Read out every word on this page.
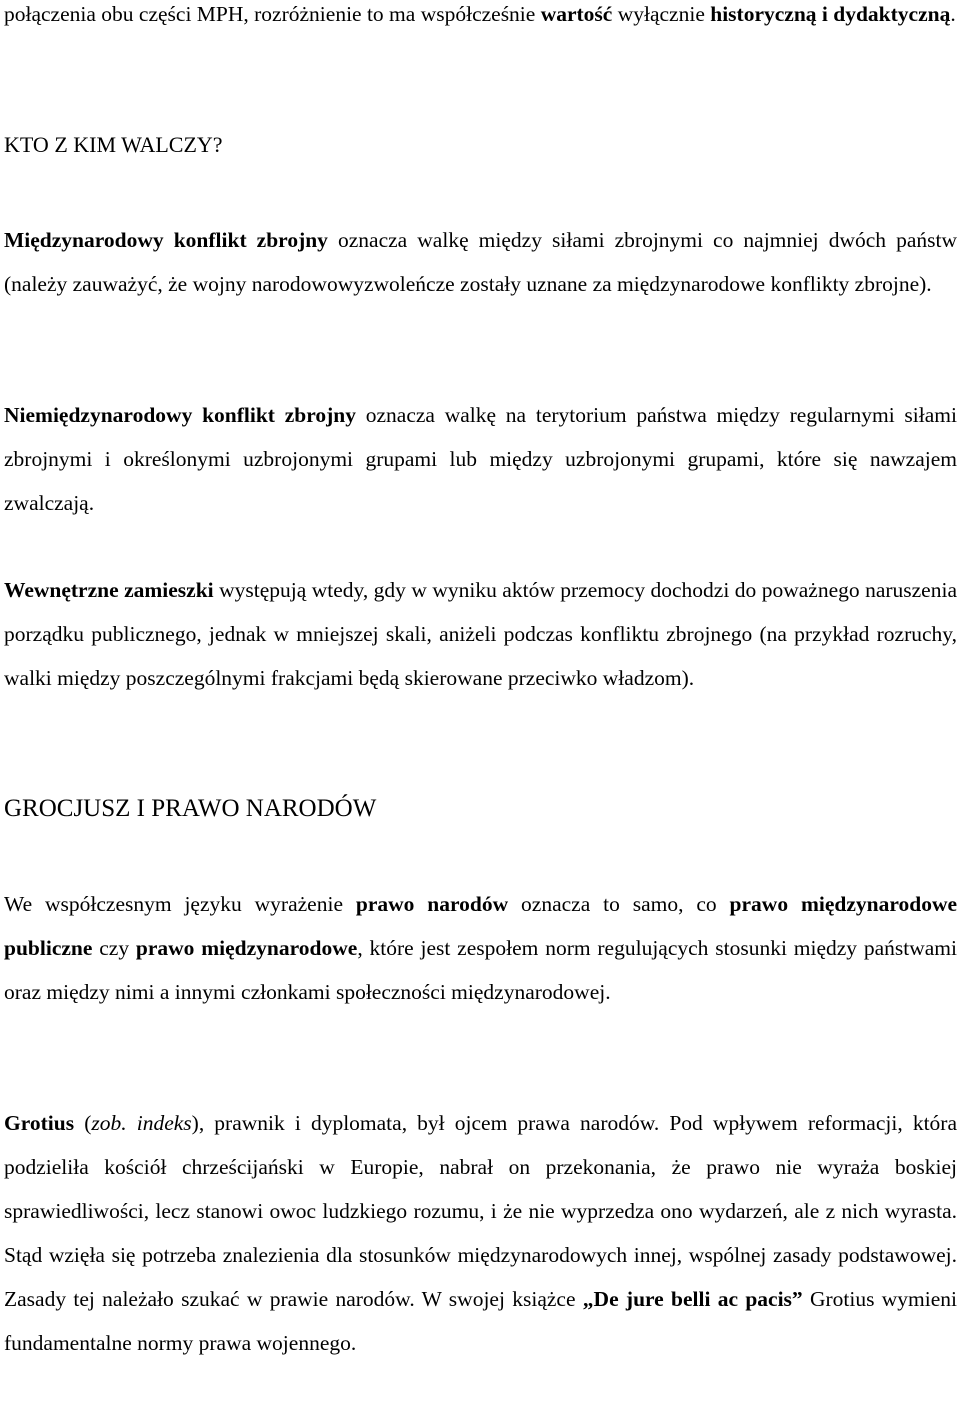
połączenia obu części MPH, rozróżnienie to ma współcześnie wartość wyłącznie historyczną i dydaktyczną.

KTO Z KIM WALCZY?

Międzynarodowy konflikt zbrojny oznacza walkę między siłami zbrojnymi co najmniej dwóch państw (należy zauważyć, że wojny narodowowyzwoleńcze zostały uznane za międzynarodowe konflikty zbrojne).

Niemiędzynarodowy konflikt zbrojny oznacza walkę na terytorium państwa między regularnymi siłami zbrojnymi i określonymi uzbrojonymi grupami lub między uzbrojonymi grupami, które się nawzajem zwalczają.

Wewnętrzne zamieszki występują wtedy, gdy w wyniku aktów przemocy dochodzi do poważnego naruszenia porządku publicznego, jednak w mniejszej skali, aniżeli podczas konfliktu zbrojnego (na przykład rozruchy, walki między poszczególnymi frakcjami będą skierowane przeciwko władzom).

GROCJUSZ I PRAWO NARODÓW

We współczesnym języku wyrażenie prawo narodów oznacza to samo, co prawo międzynarodowe publiczne czy prawo międzynarodowe, które jest zespołem norm regulujących stosunki między państwami oraz między nimi a innymi członkami społeczności międzynarodowej.

Grotius (zob. indeks), prawnik i dyplomata, był ojcem prawa narodów. Pod wpływem reformacji, która podzieliła kościół chrześcijański w Europie, nabrał on przekonania, że prawo nie wyraża boskiej sprawiedliwości, lecz stanowi owoc ludzkiego rozumu, i że nie wyprzedza ono wydarzeń, ale z nich wyrasta. Stąd wzięła się potrzeba znalezienia dla stosunków międzynarodowych innej, wspólnej zasady podstawowej. Zasady tej należało szukać w prawie narodów. W swojej książce „De jure belli ac pacis” Grotius wymieni fundamentalne normy prawa wojennego.
